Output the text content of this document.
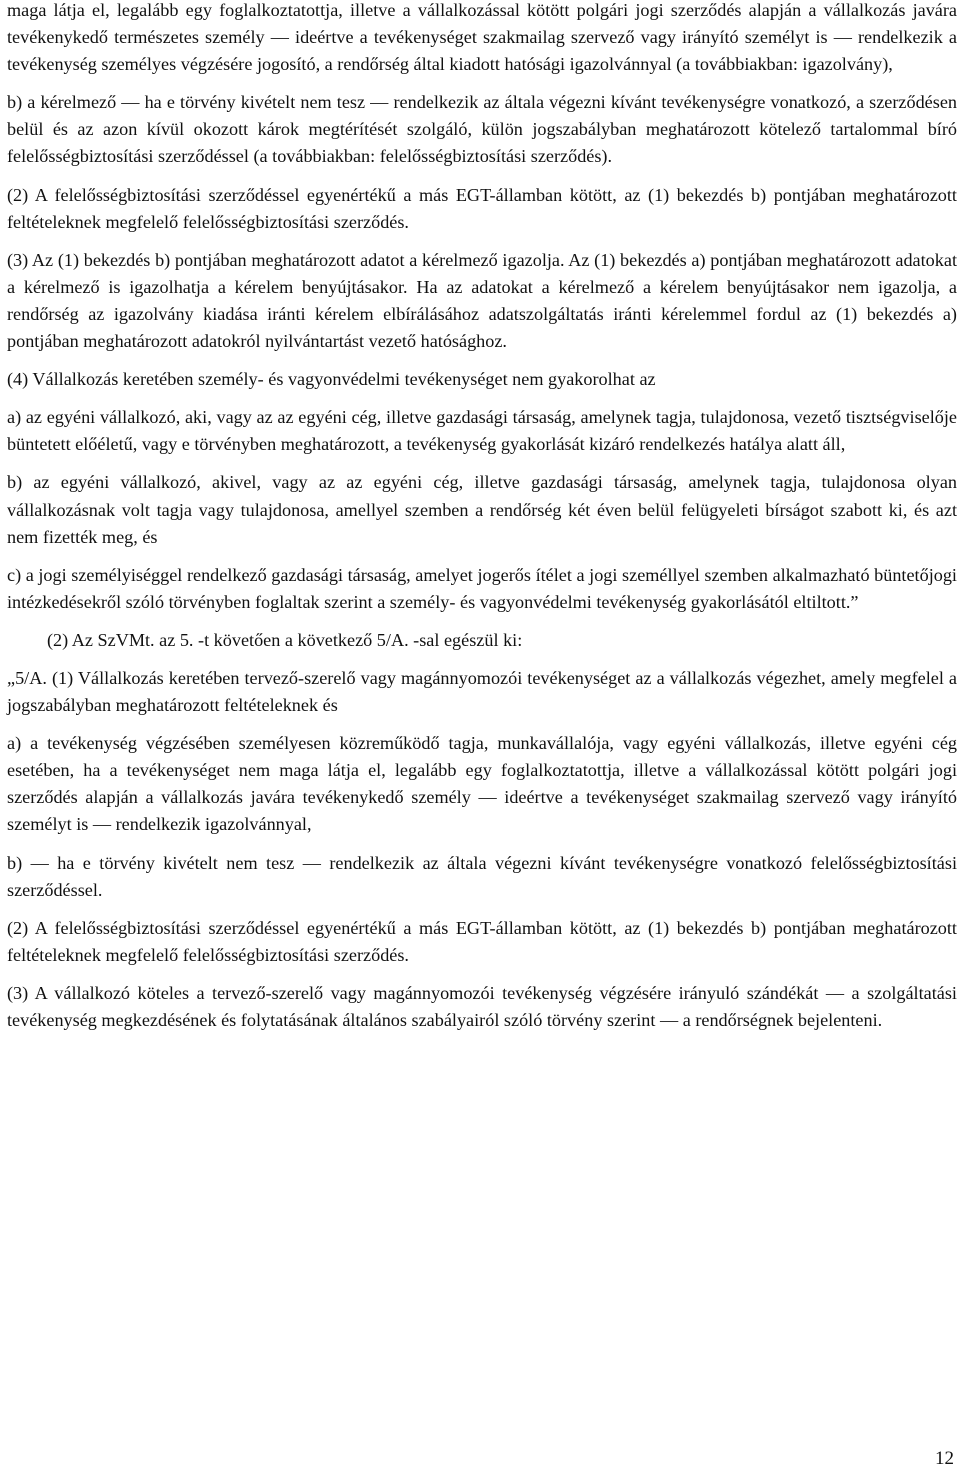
maga látja el, legalább egy foglalkoztatottja, illetve a vállalkozással kötött polgári jogi szerződés alapján a vállalkozás javára tevékenykedő természetes személy — ideértve a tevékenységet szakmailag szervező vagy irányító személyt is — rendelkezik a tevékenység személyes végzésére jogosító, a rendőrség által kiadott hatósági igazolvánnyal (a továbbiakban: igazolvány),

b) a kérelmező — ha e törvény kivételt nem tesz — rendelkezik az általa végezni kívánt tevékenységre vonatkozó, a szerződésen belül és az azon kívül okozott károk megtérítését szolgáló, külön jogszabályban meghatározott kötelező tartalommal bíró felelősségbiztosítási szerződéssel (a továbbiakban: felelősségbiztosítási szerződés).

(2) A felelősségbiztosítási szerződéssel egyenértékű a más EGT-államban kötött, az (1) bekezdés b) pontjában meghatározott feltételeknek megfelelő felelősségbiztosítási szerződés.

(3) Az (1) bekezdés b) pontjában meghatározott adatot a kérelmező igazolja. Az (1) bekezdés a) pontjában meghatározott adatokat a kérelmező is igazolhatja a kérelem benyújtásakor. Ha az adatokat a kérelmező a kérelem benyújtásakor nem igazolja, a rendőrség az igazolvány kiadása iránti kérelem elbírálásához adatszolgáltatás iránti kérelemmel fordul az (1) bekezdés a) pontjában meghatározott adatokról nyilvántartást vezető hatósághoz.

(4) Vállalkozás keretében személy- és vagyonvédelmi tevékenységet nem gyakorolhat az

a) az egyéni vállalkozó, aki, vagy az az egyéni cég, illetve gazdasági társaság, amelynek tagja, tulajdonosa, vezető tisztségviselője büntetett előéletű, vagy e törvényben meghatározott, a tevékenység gyakorlását kizáró rendelkezés hatálya alatt áll,

b) az egyéni vállalkozó, akivel, vagy az az egyéni cég, illetve gazdasági társaság, amelynek tagja, tulajdonosa olyan vállalkozásnak volt tagja vagy tulajdonosa, amellyel szemben a rendőrség két éven belül felügyeleti bírságot szabott ki, és azt nem fizették meg, és

c) a jogi személyiséggel rendelkező gazdasági társaság, amelyet jogerős ítélet a jogi személlyel szemben alkalmazható büntetőjogi intézkedésekről szóló törvényben foglaltak szerint a személy- és vagyonvédelmi tevékenység gyakorlásától eltiltott.”

(2) Az SzVMt. az 5. -t követően a következő 5/A. -sal egészül ki:

„5/A. (1) Vállalkozás keretében tervező-szerelő vagy magánnyomozói tevékenységet az a vállalkozás végezhet, amely megfelel a jogszabályban meghatározott feltételeknek és

a) a tevékenység végzésében személyesen közreműködő tagja, munkavállalója, vagy egyéni vállalkozás, illetve egyéni cég esetében, ha a tevékenységet nem maga látja el, legalább egy foglalkoztatottja, illetve a vállalkozással kötött polgári jogi szerződés alapján a vállalkozás javára tevékenykedő személy — ideértve a tevékenységet szakmailag szervező vagy irányító személyt is — rendelkezik igazolvánnyal,

b) — ha e törvény kivételt nem tesz — rendelkezik az általa végezni kívánt tevékenységre vonatkozó felelősségbiztosítási szerződéssel.

(2) A felelősségbiztosítási szerződéssel egyenértékű a más EGT-államban kötött, az (1) bekezdés b) pontjában meghatározott feltételeknek megfelelő felelősségbiztosítási szerződés.

(3) A vállalkozó köteles a tervező-szerelő vagy magánnyomozói tevékenység végzésére irányuló szándékát — a szolgáltatási tevékenység megkezdésének és folytatásának általános szabályairól szóló törvény szerint — a rendőrségnek bejelenteni.

12
